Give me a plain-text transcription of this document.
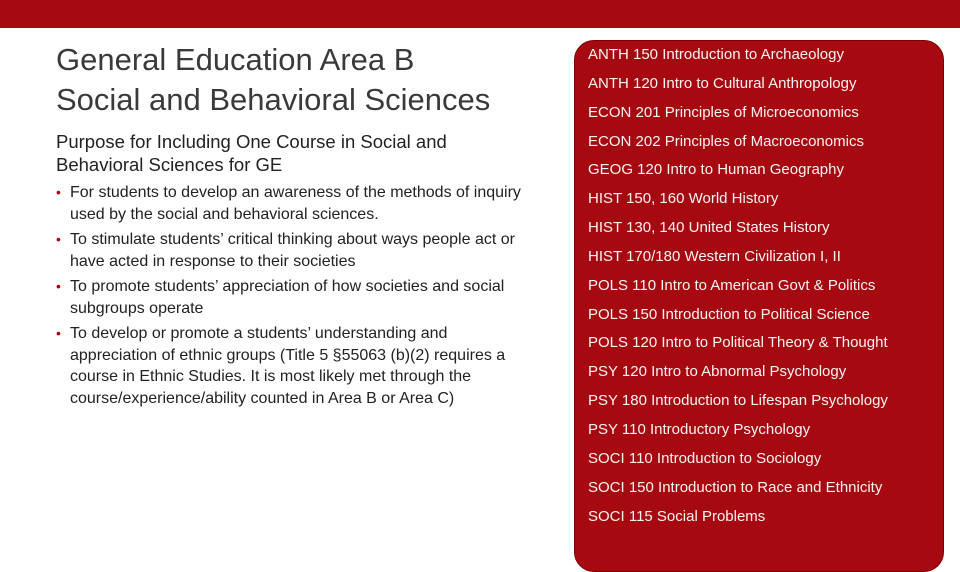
General Education Area B
Social and Behavioral Sciences
Purpose for Including One Course in Social and
Behavioral Sciences for GE
• For students to develop an awareness of the methods of inquiry used by the social and behavioral sciences.
• To stimulate students’ critical thinking about ways people act or have acted in response to their societies
• To promote students’ appreciation of how societies and social subgroups operate
• To develop or promote a students’ understanding and appreciation of ethnic groups (Title 5 §55063 (b)(2) requires a course in Ethnic Studies. It is most likely met through the course/experience/ability counted in Area B or Area C)
ANTH 150 Introduction to Archaeology
ANTH 120 Intro to Cultural Anthropology
ECON 201 Principles of Microeconomics
ECON 202 Principles of Macroeconomics
GEOG 120 Intro to Human Geography
HIST 150, 160 World History
HIST 130, 140 United States History
HIST 170/180 Western Civilization I, II
POLS 110 Intro to American Govt & Politics
POLS 150 Introduction to Political Science
POLS 120 Intro to Political Theory & Thought
PSY 120 Intro to Abnormal Psychology
PSY 180 Introduction to Lifespan Psychology
PSY 110 Introductory Psychology
SOCI 110 Introduction to Sociology
SOCI 150 Introduction to Race and Ethnicity
SOCI 115 Social Problems
